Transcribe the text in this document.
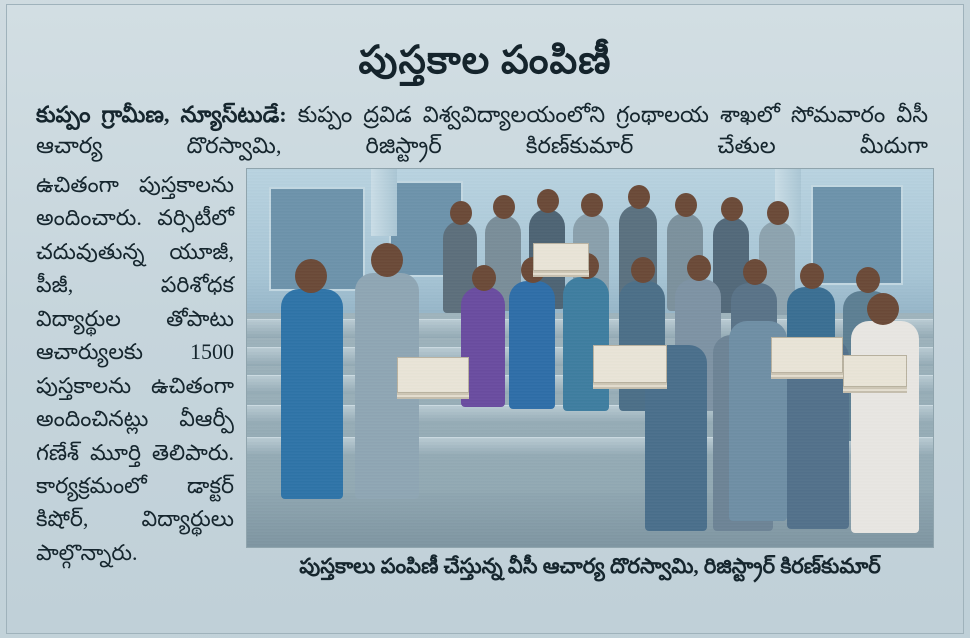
పుస్తకాల పంపిణీ

కుప్పం గ్రామీణ, న్యూస్‌టుడే: కుప్పం ద్రవిడ విశ్వవిద్యాలయంలోని గ్రంథాలయ శాఖలో సోమవారం వీసీ ఆచార్య దొరస్వామి, రిజిస్ట్రార్ కిరణ్‌కుమార్ చేతుల మీదుగా

ఉచితంగా పుస్తకాలను అందించారు. వర్సిటీలో చదువుతున్న యూజీ, పీజీ, పరిశోధక విద్యార్థుల తోపాటు ఆచార్యులకు 1500 పుస్తకాలను ఉచితంగా అందించినట్లు వీఆర్పీ గణేశ్ మూర్తి తెలిపారు. కార్యక్రమంలో డాక్టర్ కిషోర్, విద్యార్థులు పాల్గొన్నారు.
పుస్తకాలు పంపిణీ చేస్తున్న వీసీ ఆచార్య దొరస్వామి, రిజిస్ట్రార్ కిరణ్‌కుమార్
